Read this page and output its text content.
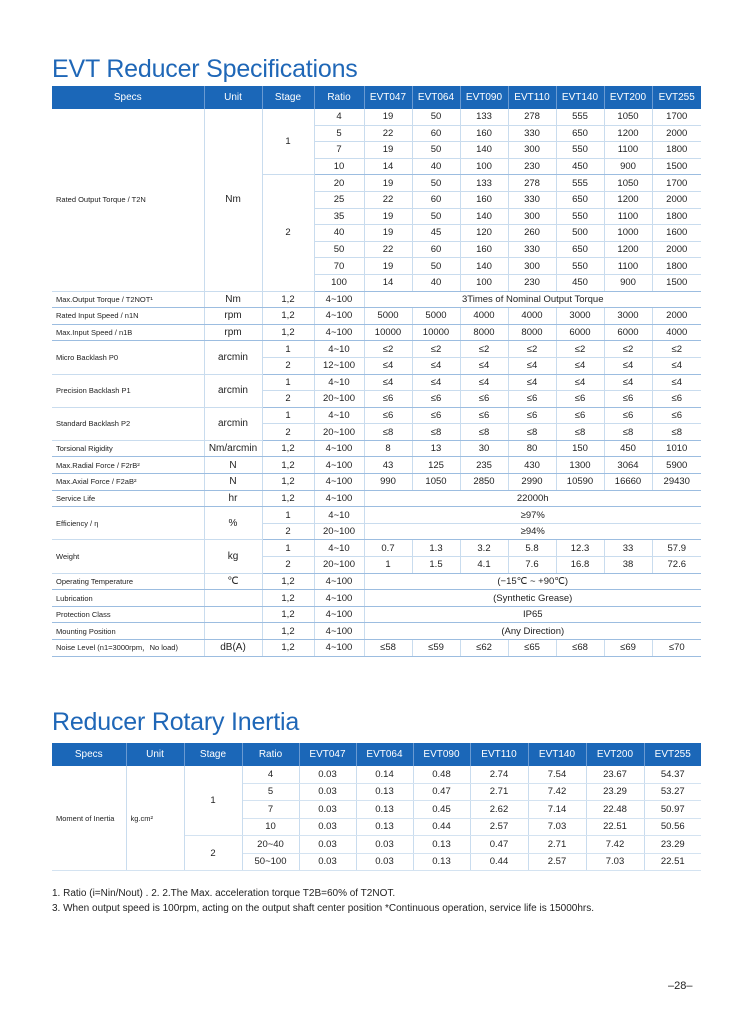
EVT Reducer Specifications
Specs	Unit	Stage	Ratio	EVT047	EVT064	EVT090	EVT110	EVT140	EVT200	EVT255
Rated Output Torque / T2N	Nm	1	4	19	50	133	278	555	1050	1700
			5	22	60	160	330	650	1200	2000
			7	19	50	140	300	550	1100	1800
			10	14	40	100	230	450	900	1500
		2	20	19	50	133	278	555	1050	1700
			25	22	60	160	330	650	1200	2000
			35	19	50	140	300	550	1100	1800
			40	19	45	120	260	500	1000	1600
			50	22	60	160	330	650	1200	2000
			70	19	50	140	300	550	1100	1800
			100	14	40	100	230	450	900	1500
Max.Output Torque / T2NOT¹	Nm	1,2	4~100	3Times of Nominal Output Torque						
Rated Input Speed / n1N	rpm	1,2	4~100	5000	5000	4000	4000	3000	3000	2000
Max.Input Speed / n1B	rpm	1,2	4~100	10000	10000	8000	8000	6000	6000	4000
Micro Backlash P0	arcmin	1	4~10	≤2	≤2	≤2	≤2	≤2	≤2	≤2
		2	12~100	≤4	≤4	≤4	≤4	≤4	≤4	≤4
Precision Backlash P1	arcmin	1	4~10	≤4	≤4	≤4	≤4	≤4	≤4	≤4
		2	20~100	≤6	≤6	≤6	≤6	≤6	≤6	≤6
Standard Backlash P2	arcmin	1	4~10	≤6	≤6	≤6	≤6	≤6	≤6	≤6
		2	20~100	≤8	≤8	≤8	≤8	≤8	≤8	≤8
Torsional Rigidity	Nm/arcmin	1,2	4~100	8	13	30	80	150	450	1010
Max.Radial Force / F2rB²	N	1,2	4~100	43	125	235	430	1300	3064	5900
Max.Axial Force / F2aB²	N	1,2	4~100	990	1050	2850	2990	10590	16660	29430
Service Life	hr	1,2	4~100	22000h						
Efficiency / η	%	1	4~10	≥97%						
		2	20~100	≥94%						
Weight	kg	1	4~10	0.7	1.3	3.2	5.8	12.3	33	57.9
		2	20~100	1	1.5	4.1	7.6	16.8	38	72.6
Operating Temperature	℃	1,2	4~100	(−15℃ ~ +90℃)						
Lubrication		1,2	4~100	(Synthetic Grease)						
Protection Class		1,2	4~100	IP65						
Mounting Position		1,2	4~100	(Any Direction)						
Noise Level (n1=3000rpm，No load)	dB(A)	1,2	4~100	≤58	≤59	≤62	≤65	≤68	≤69	≤70
Reducer Rotary Inertia
Specs	Unit	Stage	Ratio	EVT047	EVT064	EVT090	EVT110	EVT140	EVT200	EVT255
Moment of Inertia	kg.cm²	1	4	0.03	0.14	0.48	2.74	7.54	23.67	54.37
			5	0.03	0.13	0.47	2.71	7.42	23.29	53.27
			7	0.03	0.13	0.45	2.62	7.14	22.48	50.97
			10	0.03	0.13	0.44	2.57	7.03	22.51	50.56
		2	20~40	0.03	0.03	0.13	0.47	2.71	7.42	23.29
			50~100	0.03	0.03	0.13	0.44	2.57	7.03	22.51
1. Ratio (i=Nin/Nout) . 2. 2.The Max. acceleration torque T2B=60% of T2NOT.
3. When output speed is 100rpm, acting on the output shaft center position *Continuous operation, service life is 15000hrs.
–28–
